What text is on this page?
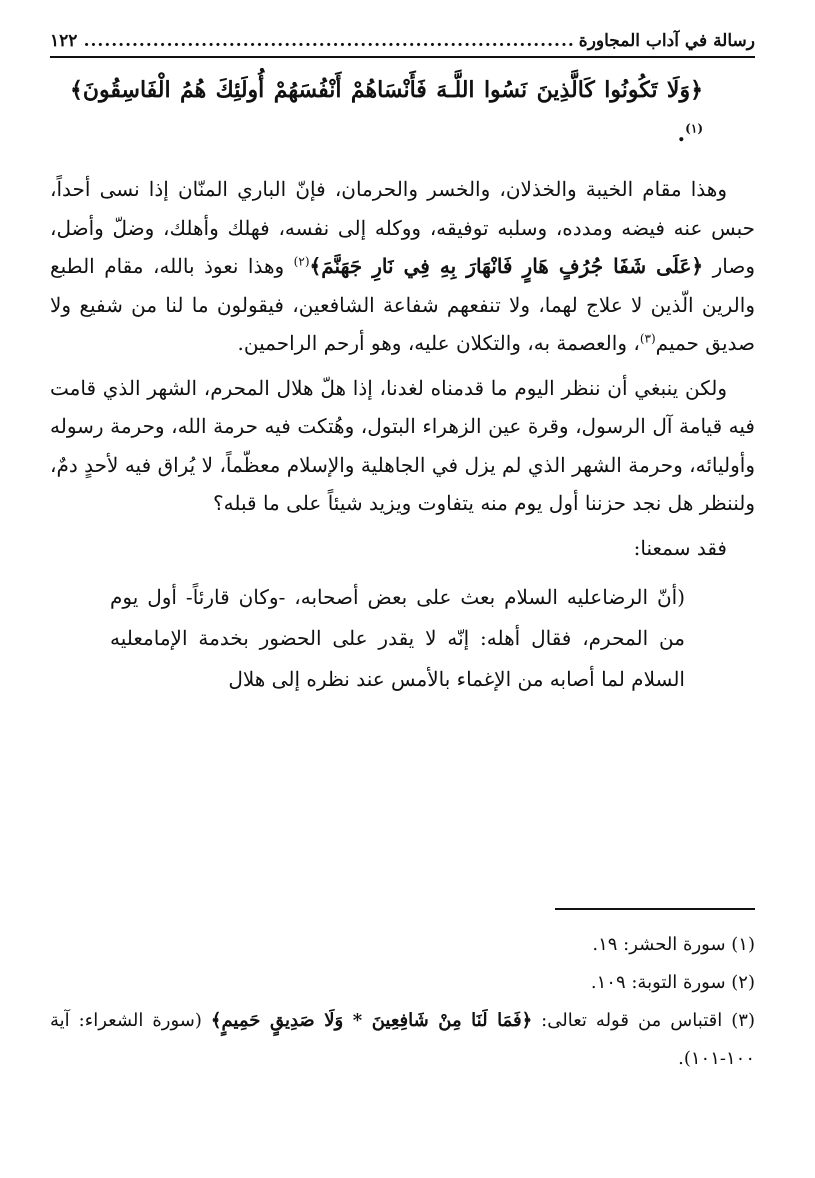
رسالة في آداب المجاورة
.....
١٢٢
﴿وَلَا تَكُونُوا كَالَّذِينَ نَسُوا اللَّـهَ فَأَنْسَاهُمْ أَنْفُسَهُمْ أُولَئِكَ هُمُ الْفَاسِقُونَ﴾$^{(١)}$.

وهذا مقام الخيبة والخذلان، والخسر والحرمان، فإنّ الباري المنّان إذا نسى أحداً، حبس عنه فيضه ومدده، وسلبه توفيقه، ووكله إلى نفسه، فهلك وأهلك، وضلّ وأضل، وصار ﴿عَلَى شَفَا جُرُفٍ هَارٍ فَانْهَارَ بِهِ فِي نَارِ جَهَنَّمَ﴾$^{(٢)}$ وهذا نعوذ بالله، مقام الطبع والرين الّذين لا علاج لهما، ولا تنفعهم شفاعة الشافعين، فيقولون ما لنا من شفيع ولا صديق حميم$^{(٣)}$، والعصمة به، والتكلان عليه، وهو أرحم الراحمين.

ولكن ينبغي أن ننظر اليوم ما قدمناه لغدنا، إذا هلّ هلال المحرم، الشهر الذي قامت فيه قيامة آل الرسول، وقرة عين الزهراء البتول، وهُتكت فيه حرمة الله، وحرمة رسوله وأوليائه، وحرمة الشهر الذي لم يزل في الجاهلية والإسلام معظّماً، لا يُراق فيه لأحدٍ دمٌ، ولننظر هل نجد حزننا أول يوم منه يتفاوت ويزيد شيئاً على ما قبله؟

فقد سمعنا:

(أنّ الرضاعليه السلام بعث على بعض أصحابه، -وكان قارئاً- أول يوم من المحرم، فقال أهله: إنّه لا يقدر على الحضور بخدمة الإمامعليه السلام لما أصابه من الإغماء بالأمس عند نظره إلى هلال

(١) سورة الحشر: ١٩.

(٢) سورة التوبة: ١٠٩.

(٣) اقتباس من قوله تعالى: ﴿فَمَا لَنَا مِنْ شَافِعِينَ * وَلَا صَدِيقٍ حَمِيمٍ﴾ (سورة الشعراء: آية ١٠٠-١٠١).
